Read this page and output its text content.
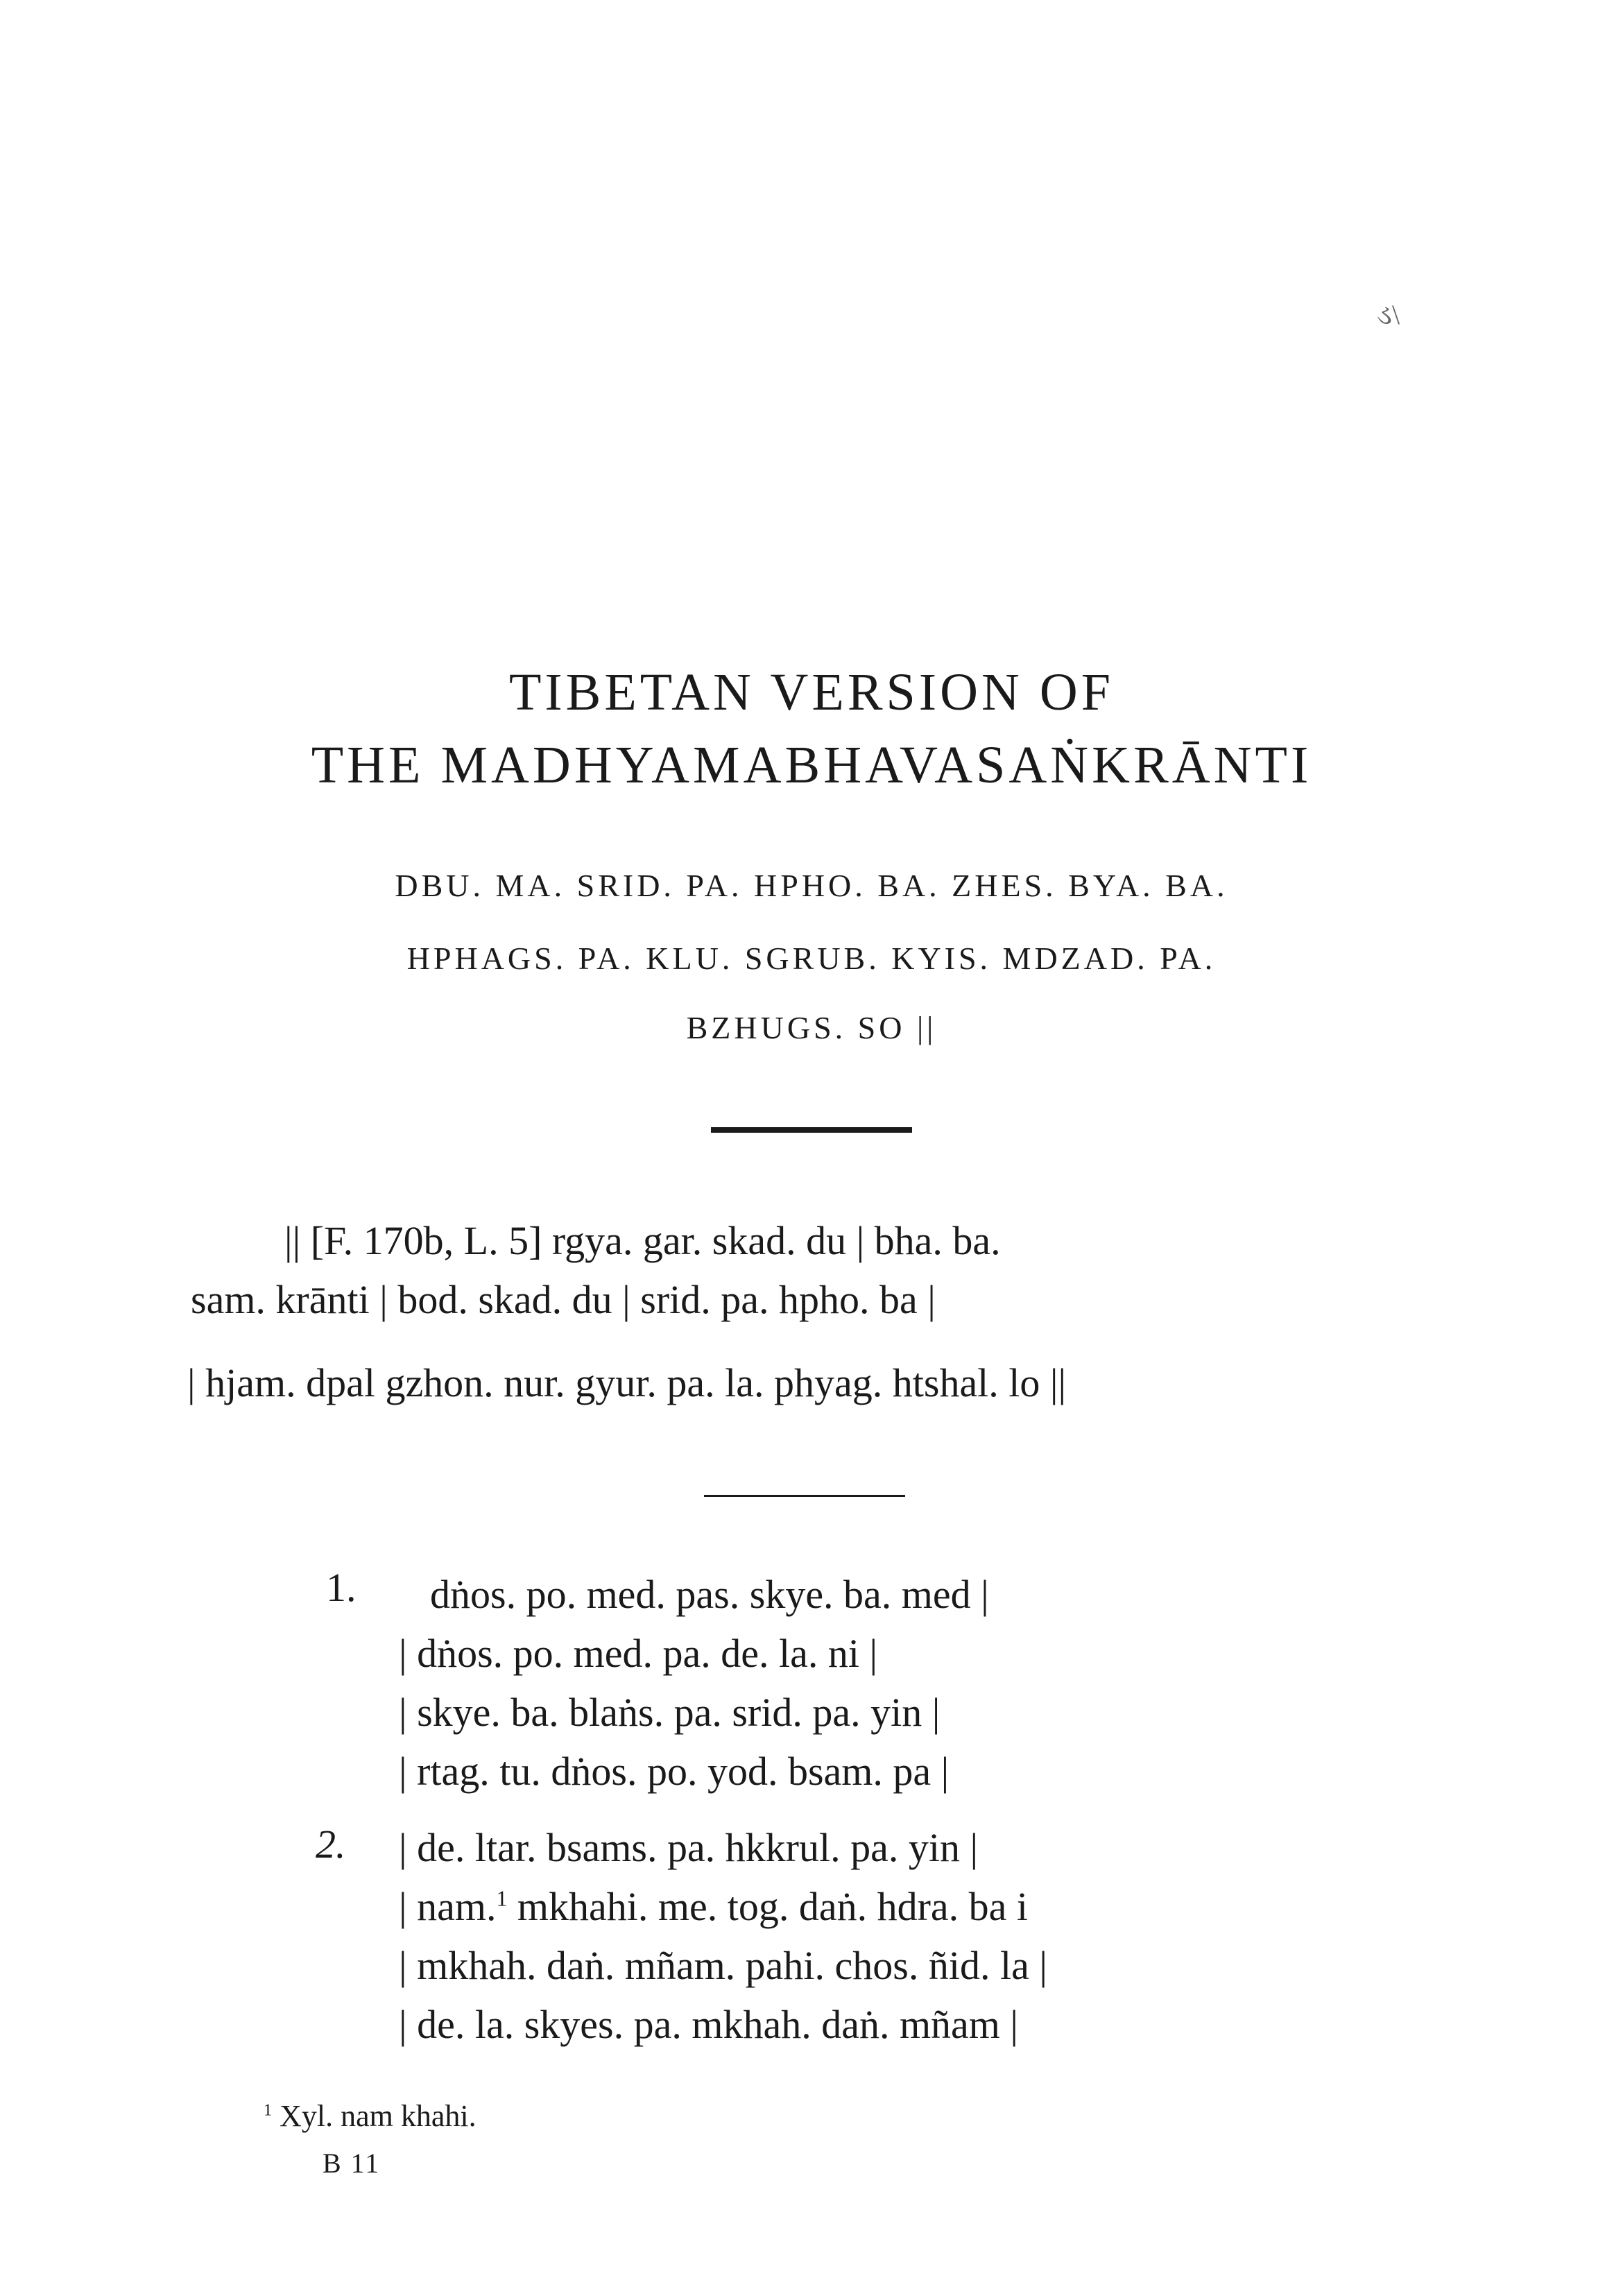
ડ\
TIBETAN VERSION OF
THE MADHYAMABHAVASAṄKRĀNTI
DBU. MA. SRID. PA. HPHO. BA. ZHES. BYA. BA.
HPHAGS. PA. KLU. SGRUB. KYIS. MDZAD. PA.
BZHUGS. SO ||
|| [F. 170b, L. 5] rgya. gar. skad. du | bha. ba.
sam. krānti | bod. skad. du | srid. pa. hpho. ba |
| hjam. dpal gzhon. nur. gyur. pa. la. phyag. htshal. lo ||
1. dṅos. po. med. pas. skye. ba. med |
| dṅos. po. med. pa. de. la. ni |
| skye. ba. blaṅs. pa. srid. pa. yin |
| rtag. tu. dṅos. po. yod. bsam. pa |
2. | de. ltar. bsams. pa. hkkrul. pa. yin |
| nam.$^1$ mkhahi. me. tog. daṅ. hdra. ba i
| mkhah. daṅ. mñam. pahi. chos. ñid. la |
| de. la. skyes. pa. mkhah. daṅ. mñam |
$^1$ Xyl. nam khahi.
B 11
